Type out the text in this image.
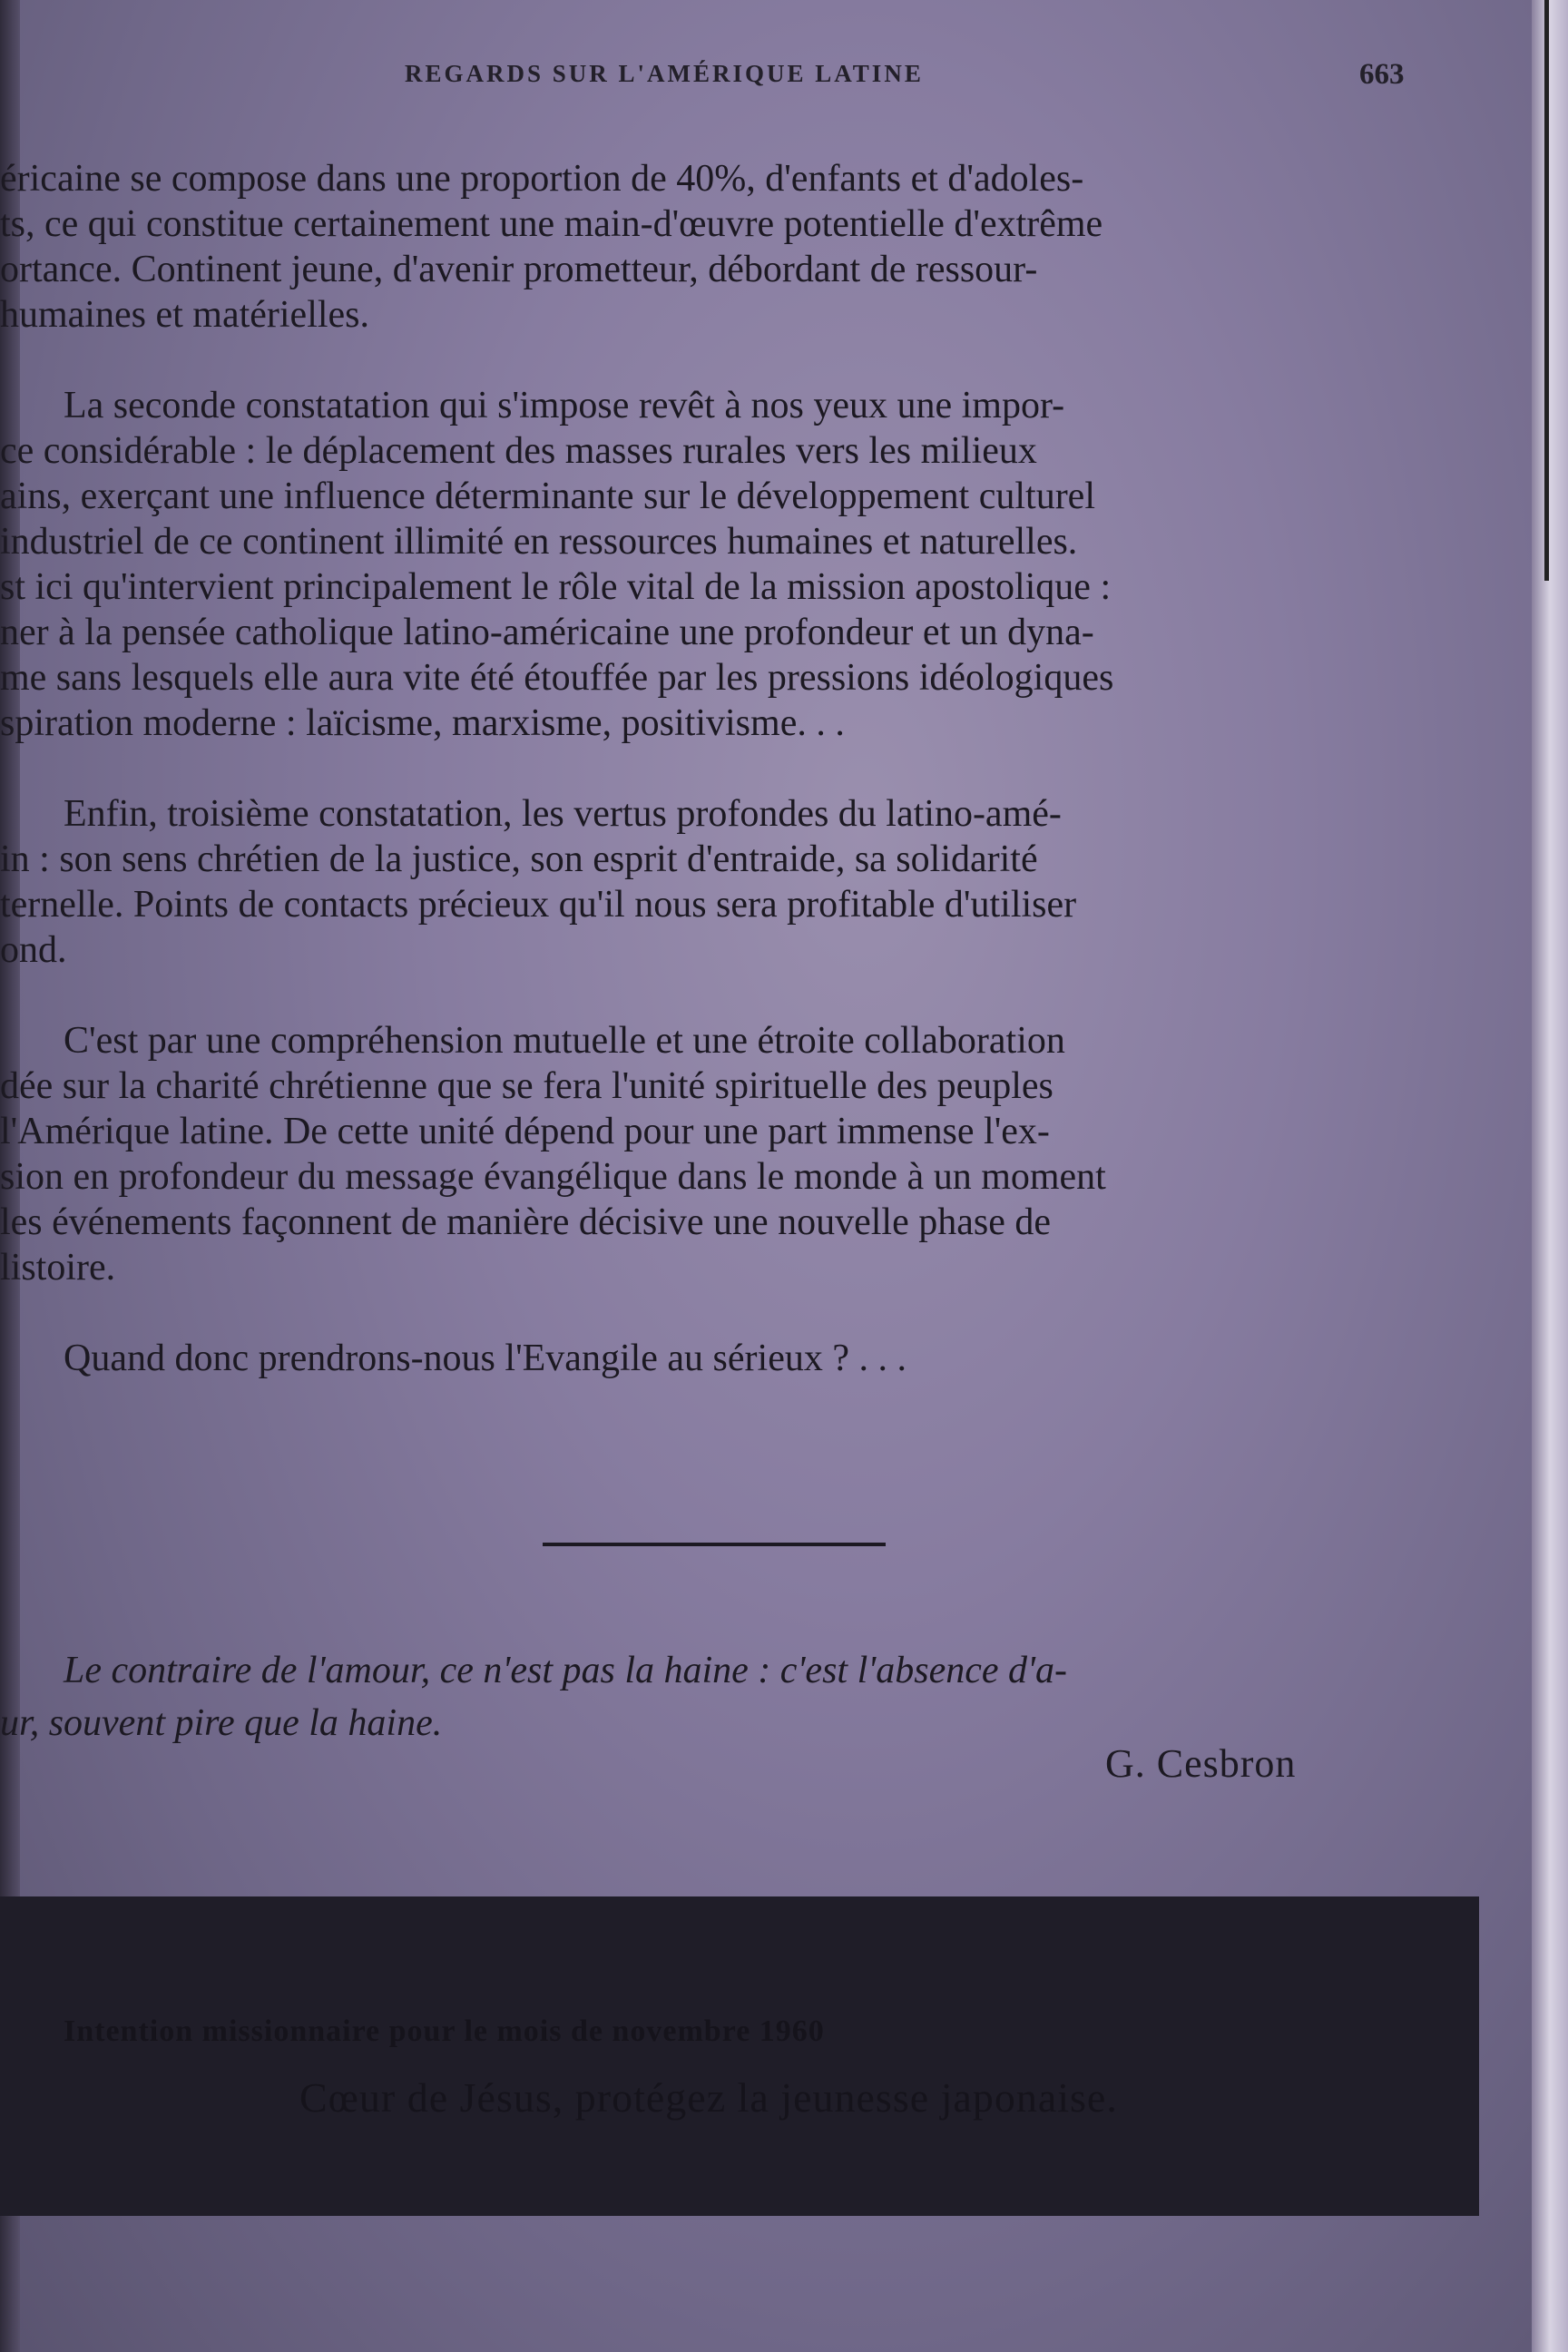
REGARDS SUR L'AMÉRIQUE LATINE	663
éricaine se compose dans une proportion de 40%, d'enfants et d'adoles-
ts, ce qui constitue certainement une main-d'œuvre potentielle d'extrême
ortance. Continent jeune, d'avenir prometteur, débordant de ressour-
humaines et matérielles.
La seconde constatation qui s'impose revêt à nos yeux une impor-
ce considérable : le déplacement des masses rurales vers les milieux
ains, exerçant une influence déterminante sur le développement culturel
industriel de ce continent illimité en ressources humaines et naturelles.
st ici qu'intervient principalement le rôle vital de la mission apostolique :
ner à la pensée catholique latino-américaine une profondeur et un dyna-
me sans lesquels elle aura vite été étouffée par les pressions idéologiques
spiration moderne : laïcisme, marxisme, positivisme. . .
Enfin, troisième constatation, les vertus profondes du latino-amé-
in : son sens chrétien de la justice, son esprit d'entraide, sa solidarité
ternelle. Points de contacts précieux qu'il nous sera profitable d'utiliser
ond.
C'est par une compréhension mutuelle et une étroite collaboration
dée sur la charité chrétienne que se fera l'unité spirituelle des peuples
l'Amérique latine. De cette unité dépend pour une part immense l'ex-
sion en profondeur du message évangélique dans le monde à un moment
les événements façonnent de manière décisive une nouvelle phase de
listoire.
Quand donc prendrons-nous l'Evangile au sérieux ? . . .
Le contraire de l'amour, ce n'est pas la haine : c'est l'absence d'a-
ur, souvent pire que la haine.
G. Cesbron
Intention missionnaire pour le mois de novembre 1960
Cœur de Jésus, protégez la jeunesse japonaise.
